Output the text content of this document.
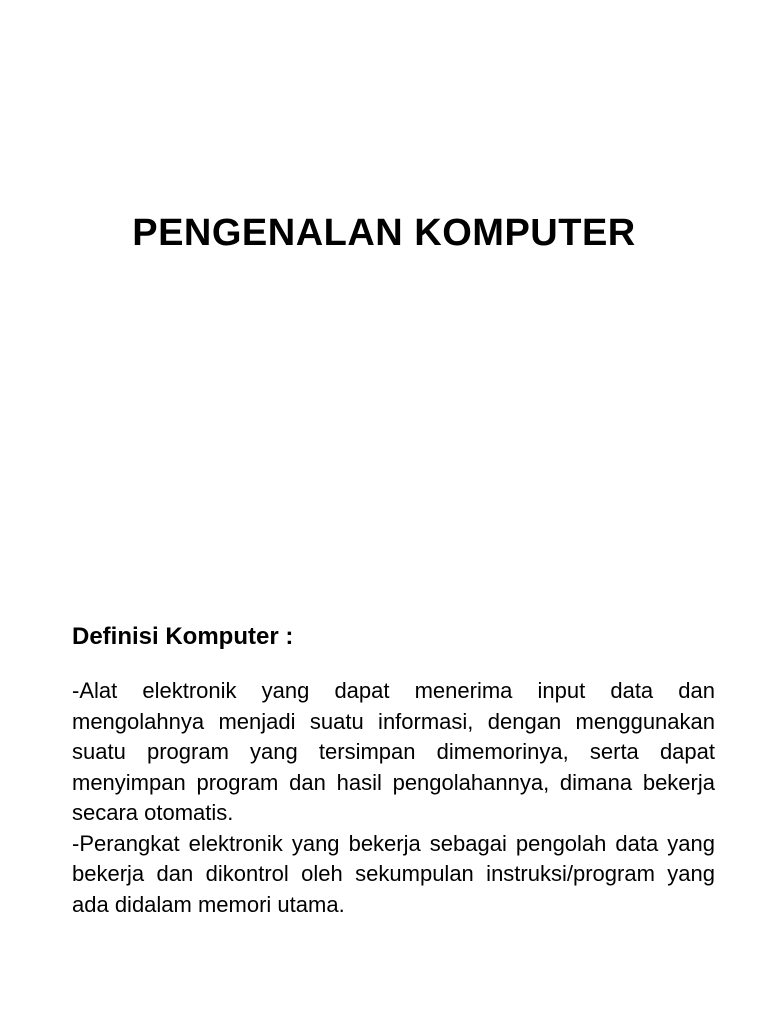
PENGENALAN KOMPUTER
Definisi Komputer :

-Alat elektronik yang dapat menerima input data dan mengolahnya menjadi suatu informasi, dengan menggunakan suatu program yang tersimpan dimemorinya, serta dapat menyimpan program dan hasil pengolahannya, dimana bekerja secara otomatis.

-Perangkat elektronik yang bekerja sebagai pengolah data yang bekerja dan dikontrol oleh sekumpulan instruksi/program yang ada didalam memori utama.
